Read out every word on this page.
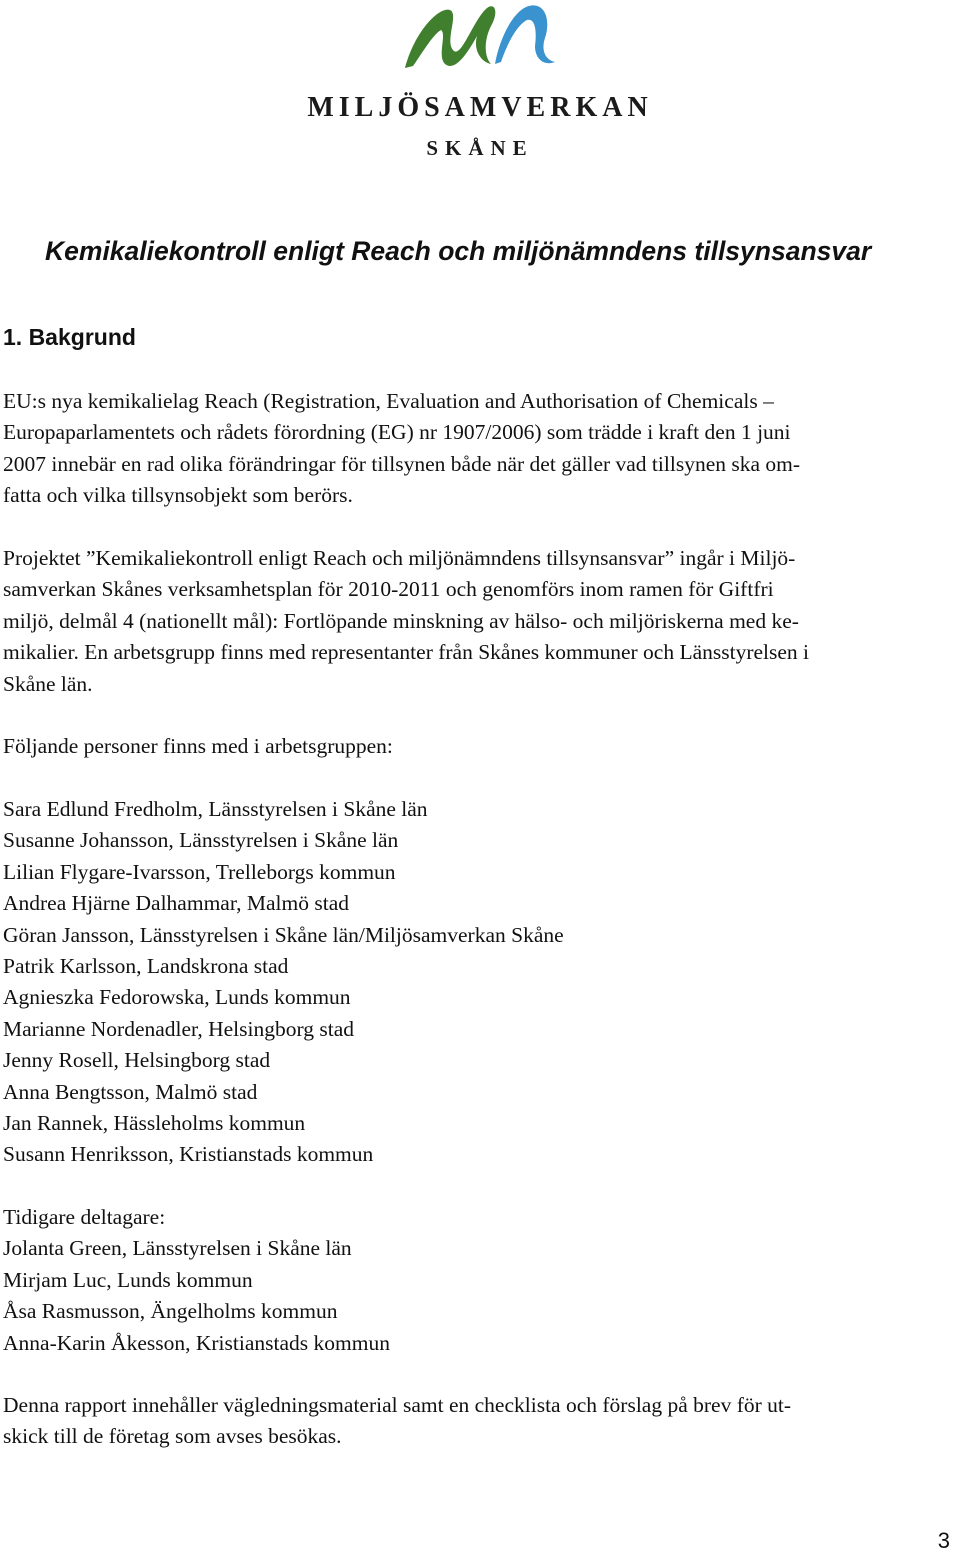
MILJÖSAMVERKAN
SKÅNE
Kemikaliekontroll enligt Reach och miljönämndens tillsynsansvar
1. Bakgrund

EU:s nya kemikalielag Reach (Registration, Evaluation and Authorisation of Chemicals –
Europaparlamentets och rådets förordning (EG) nr 1907/2006) som trädde i kraft den 1 juni
2007 innebär en rad olika förändringar för tillsynen både när det gäller vad tillsynen ska om-
fatta och vilka tillsynsobjekt som berörs.

Projektet ”Kemikaliekontroll enligt Reach och miljönämndens tillsynsansvar” ingår i Miljö-
samverkan Skånes verksamhetsplan för 2010-2011 och genomförs inom ramen för Giftfri
miljö, delmål 4 (nationellt mål): Fortlöpande minskning av hälso- och miljöriskerna med ke-
mikalier. En arbetsgrupp finns med representanter från Skånes kommuner och Länsstyrelsen i
Skåne län.

Följande personer finns med i arbetsgruppen:

Sara Edlund Fredholm, Länsstyrelsen i Skåne län
Susanne Johansson, Länsstyrelsen i Skåne län
Lilian Flygare-Ivarsson, Trelleborgs kommun
Andrea Hjärne Dalhammar, Malmö stad
Göran Jansson, Länsstyrelsen i Skåne län/Miljösamverkan Skåne
Patrik Karlsson, Landskrona stad
Agnieszka Fedorowska, Lunds kommun
Marianne Nordenadler, Helsingborg stad
Jenny Rosell, Helsingborg stad
Anna Bengtsson, Malmö stad
Jan Rannek, Hässleholms kommun
Susann Henriksson, Kristianstads kommun

Tidigare deltagare:
Jolanta Green, Länsstyrelsen i Skåne län
Mirjam Luc, Lunds kommun
Åsa Rasmusson, Ängelholms kommun
Anna-Karin Åkesson, Kristianstads kommun

Denna rapport innehåller vägledningsmaterial samt en checklista och förslag på brev för ut-
skick till de företag som avses besökas.

3
